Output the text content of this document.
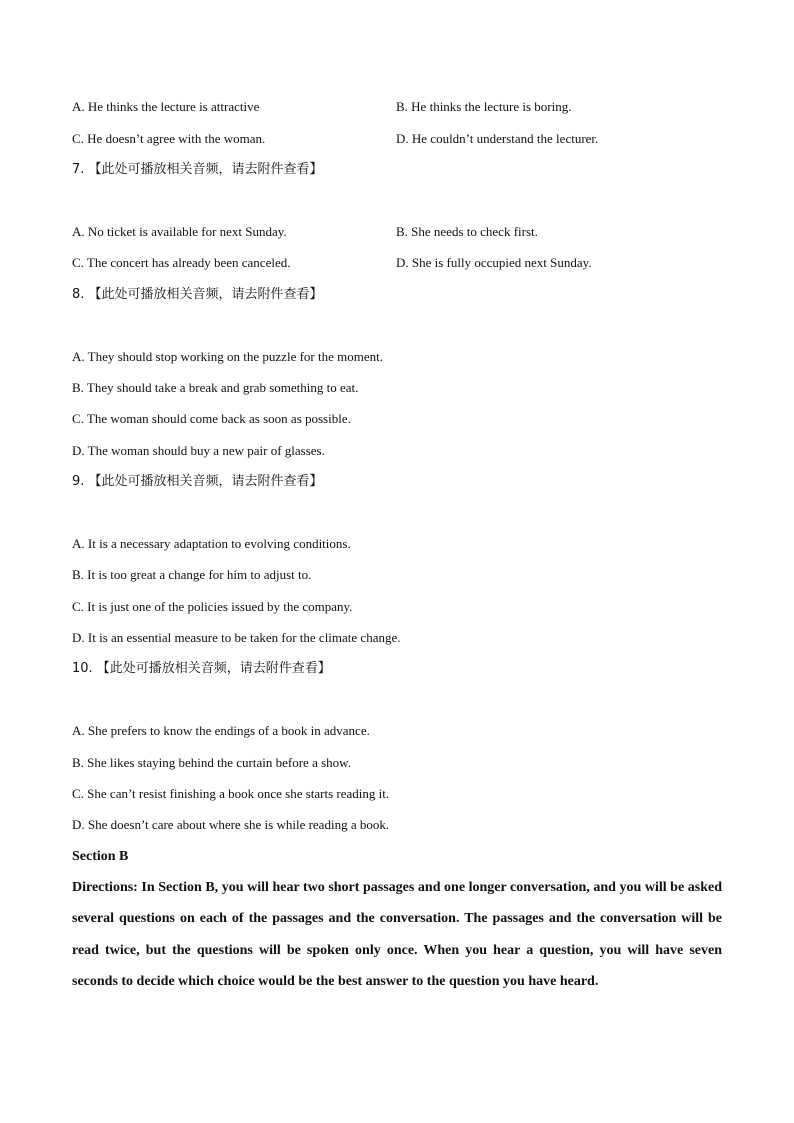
A. He thinks the lecture is attractive	B. He thinks the lecture is boring.
C. He doesn’t agree with the woman.	D. He couldn’t understand the lecturer.
7. 【此处可播放相关音频，请去附件查看】
A. No ticket is available for next Sunday.	B. She needs to check first.
C. The concert has already been canceled.	D. She is fully occupied next Sunday.
8. 【此处可播放相关音频，请去附件查看】
A. They should stop working on the puzzle for the moment.
B. They should take a break and grab something to eat.
C. The woman should come back as soon as possible.
D. The woman should buy a new pair of glasses.
9. 【此处可播放相关音频，请去附件查看】
A. It is a necessary adaptation to evolving conditions.
B. It is too great a change for him to adjust to.
C. It is just one of the policies issued by the company.
D. It is an essential measure to be taken for the climate change.
10. 【此处可播放相关音频，请去附件查看】
A. She prefers to know the endings of a book in advance.
B. She likes staying behind the curtain before a show.
C. She can’t resist finishing a book once she starts reading it.
D. She doesn’t care about where she is while reading a book.
Section B
Directions: In Section B, you will hear two short passages and one longer conversation, and you will be asked several questions on each of the passages and the conversation. The passages and the conversation will be read twice, but the questions will be spoken only once. When you hear a question, you will have seven seconds to decide which choice would be the best answer to the question you have heard.
